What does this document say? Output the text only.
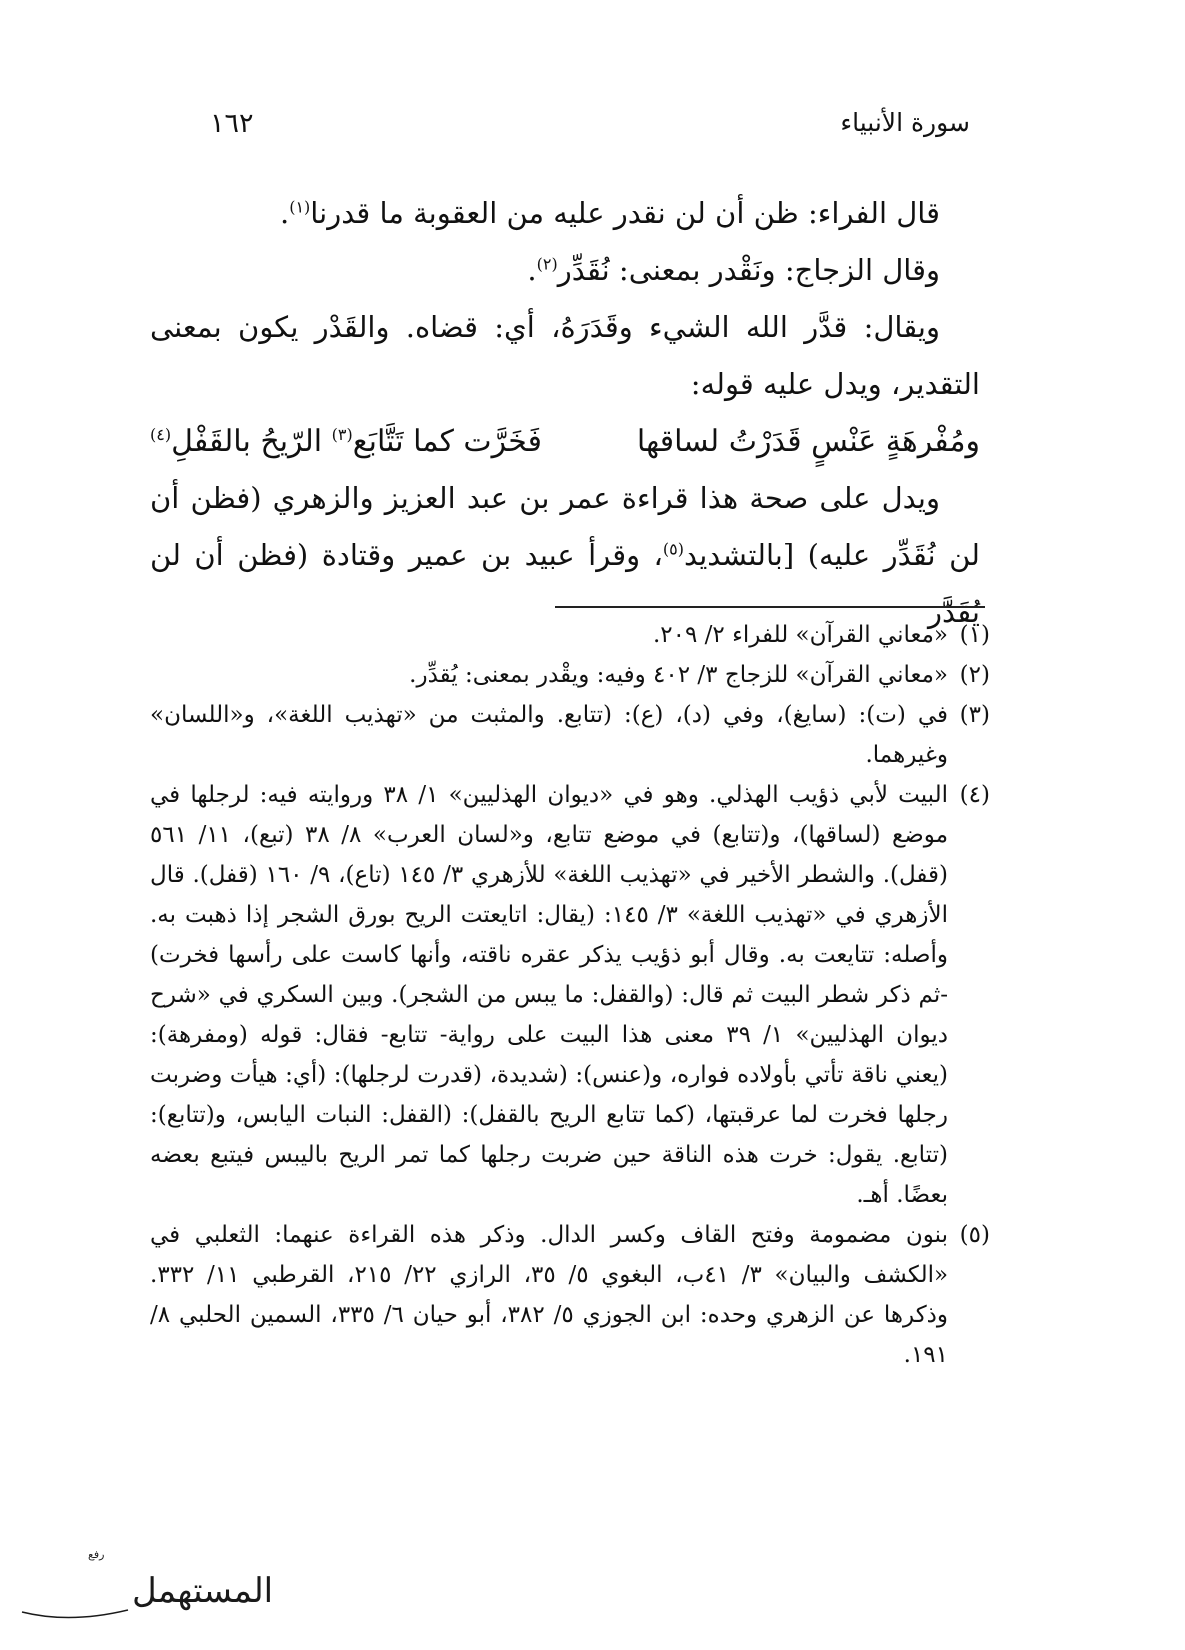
سورة الأنبياء
١٦٢

قال الفراء: ظن أن لن نقدر عليه من العقوبة ما قدرنا$^{(١)}$.

وقال الزجاج: ونَقْدر بمعنى: نُقَدِّر$^{(٢)}$.

ويقال: قدَّر الله الشيء وقَدَرَهُ، أي: قضاه. والقَدْر يكون بمعنى التقدير، ويدل عليه قوله:

ومُفْرهَةٍ عَنْسٍ قَدَرْتُ لساقها
فَخَرَّت كما تَتَّابَع$^{(٣)}$ الرّيحُ بالقَفْلِ$^{(٤)}$

ويدل على صحة هذا قراءة عمر بن عبد العزيز والزهري (فظن أن لن نُقَدِّر عليه) [بالتشديد$^{(٥)}$، وقرأ عبيد بن عمير وقتادة (فظن أن لن يُقَدَّر

(١)
«معاني القرآن» للفراء ٢/ ٢٠٩.
(٢)
«معاني القرآن» للزجاج ٣/ ٤٠٢ وفيه: ويقْدر بمعنى: يُقدِّر.
(٣)
في (ت): (سايغ)، وفي (د)، (ع): (تتابع. والمثبت من «تهذيب اللغة»، و«اللسان» وغيرهما.
(٤)
البيت لأبي ذؤيب الهذلي. وهو في «ديوان الهذليين» ١/ ٣٨ وروايته فيه: لرجلها في موضع (لساقها)، و(تتابع) في موضع تتابع، و«لسان العرب» ٨/ ٣٨ (تبع)، ١١/ ٥٦١ (قفل). والشطر الأخير في «تهذيب اللغة» للأزهري ٣/ ١٤٥ (تاع)، ٩/ ١٦٠ (قفل). قال الأزهري في «تهذيب اللغة» ٣/ ١٤٥: (يقال: اتايعتت الريح بورق الشجر إذا ذهبت به. وأصله: تتايعت به. وقال أبو ذؤيب يذكر عقره ناقته، وأنها كاست على رأسها فخرت) -ثم ذكر شطر البيت ثم قال: (والقفل: ما يبس من الشجر). وبين السكري في «شرح ديوان الهذليين» ١/ ٣٩ معنى هذا البيت على رواية- تتابع- فقال: قوله (ومفرهة): (يعني ناقة تأتي بأولاده فواره، و(عنس): (شديدة، (قدرت لرجلها): (أي: هيأت وضربت رجلها فخرت لما عرقبتها، (كما تتابع الريح بالقفل): (القفل: النبات اليابس، و(تتابع): (تتابع. يقول: خرت هذه الناقة حين ضربت رجلها كما تمر الريح باليبس فيتبع بعضه بعضًا. أهـ.
(٥)
بنون مضمومة وفتح القاف وكسر الدال. وذكر هذه القراءة عنهما: الثعلبي في «الكشف والبيان» ٣/ ٤١ب، البغوي ٥/ ٣٥، الرازي ٢٢/ ٢١٥، القرطبي ١١/ ٣٣٢. وذكرها عن الزهري وحده: ابن الجوزي ٥/ ٣٨٢، أبو حيان ٦/ ٣٣٥، السمين الحلبي ٨/ ١٩١.
رفع
المستهمل
